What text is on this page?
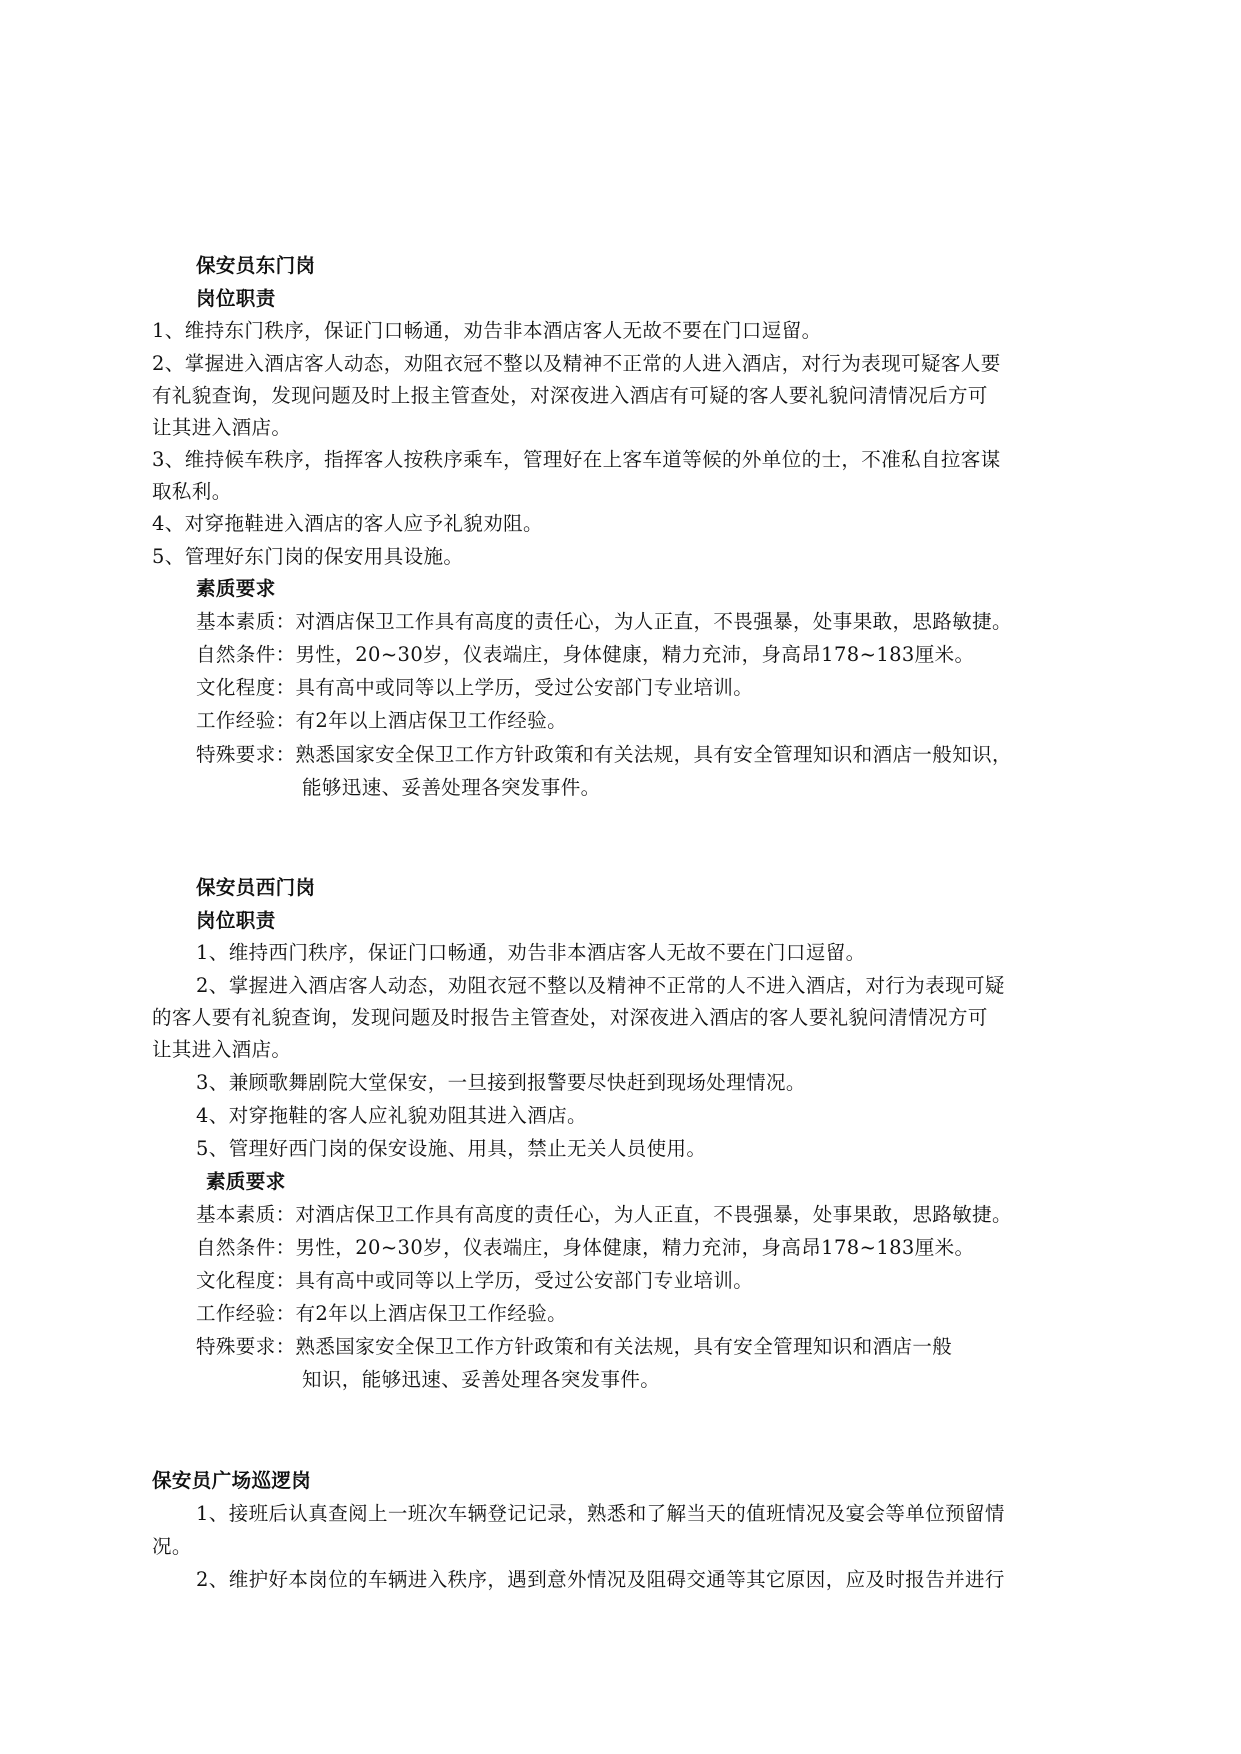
保安员东门岗
岗位职责
1、维持东门秩序，保证门口畅通，劝告非本酒店客人无故不要在门口逗留。
2、掌握进入酒店客人动态，劝阻衣冠不整以及精神不正常的人进入酒店，对行为表现可疑客人要
有礼貌查询，发现问题及时上报主管查处，对深夜进入酒店有可疑的客人要礼貌问清情况后方可
让其进入酒店。
3、维持候车秩序，指挥客人按秩序乘车，管理好在上客车道等候的外单位的士，不准私自拉客谋
取私利。
4、对穿拖鞋进入酒店的客人应予礼貌劝阻。
5、管理好东门岗的保安用具设施。
素质要求
基本素质：对酒店保卫工作具有高度的责任心，为人正直，不畏强暴，处事果敢，思路敏捷。
自然条件：男性，20~30岁，仪表端庄，身体健康，精力充沛，身高昂178~183厘米。
文化程度：具有高中或同等以上学历，受过公安部门专业培训。
工作经验：有2年以上酒店保卫工作经验。
特殊要求：熟悉国家安全保卫工作方针政策和有关法规，具有安全管理知识和酒店一般知识，
能够迅速、妥善处理各突发事件。
保安员西门岗
岗位职责
1、维持西门秩序，保证门口畅通，劝告非本酒店客人无故不要在门口逗留。
2、掌握进入酒店客人动态，劝阻衣冠不整以及精神不正常的人不进入酒店，对行为表现可疑
的客人要有礼貌查询，发现问题及时报告主管查处，对深夜进入酒店的客人要礼貌问清情况方可
让其进入酒店。
3、兼顾歌舞剧院大堂保安，一旦接到报警要尽快赶到现场处理情况。
4、对穿拖鞋的客人应礼貌劝阻其进入酒店。
5、管理好西门岗的保安设施、用具，禁止无关人员使用。
素质要求
基本素质：对酒店保卫工作具有高度的责任心，为人正直，不畏强暴，处事果敢，思路敏捷。
自然条件：男性，20~30岁，仪表端庄，身体健康，精力充沛，身高昂178~183厘米。
文化程度：具有高中或同等以上学历，受过公安部门专业培训。
工作经验：有2年以上酒店保卫工作经验。
特殊要求：熟悉国家安全保卫工作方针政策和有关法规，具有安全管理知识和酒店一般
知识，能够迅速、妥善处理各突发事件。
保安员广场巡逻岗
1、接班后认真查阅上一班次车辆登记记录，熟悉和了解当天的值班情况及宴会等单位预留情
况。
2、维护好本岗位的车辆进入秩序，遇到意外情况及阻碍交通等其它原因，应及时报告并进行
